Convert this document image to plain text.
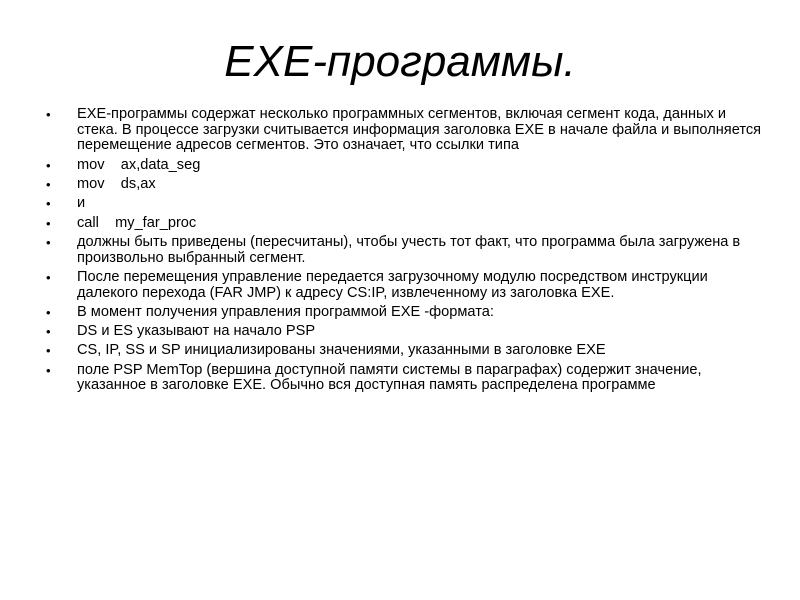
EXE-программы.
• EXE-программы содержат несколько программных сегментов, включая сегмент кода, данных и стека. В процессе загрузки считывается информация заголовка EXE в начале файла и выполняется перемещение адресов сегментов. Это означает, что ссылки типа
• mov    ax,data_seg
• mov    ds,ax
• и
• call    my_far_proc
• должны быть приведены (пересчитаны), чтобы учесть тот факт, что программа была загружена в произвольно выбранный сегмент.
• После перемещения управление передается загрузочному модулю посредством инструкции далекого перехода (FAR JMP) к адресу CS:IP, извлеченному из заголовка EXE.
• В момент получения управления программой EXE -формата:
• DS и ES указывают на начало PSP
• CS, IP, SS и SP инициализированы значениями, указанными в заголовке EXE
• поле PSP MemTop (вершина доступной памяти системы в параграфах) содержит значение, указанное в заголовке EXE. Обычно вся доступная память распределена программе
